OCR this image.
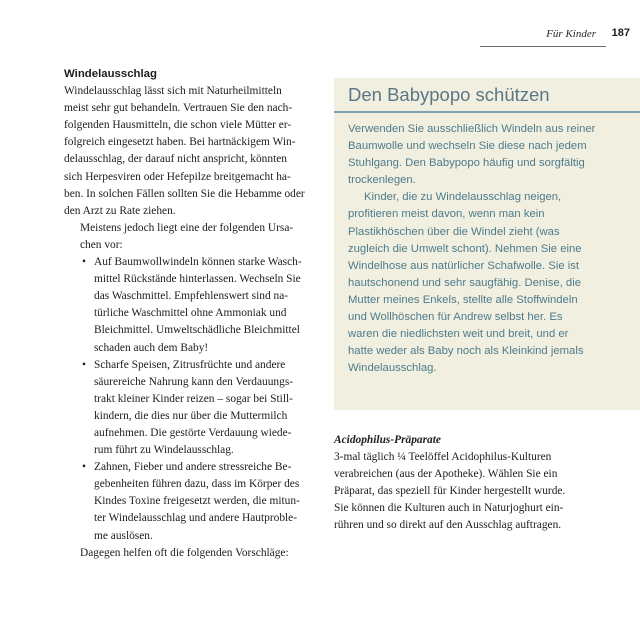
Für Kinder 187
Windelausschlag
Windelausschlag lässt sich mit Naturheilmitteln
meist sehr gut behandeln. Vertrauen Sie den nach-
folgenden Hausmitteln, die schon viele Mütter er-
folgreich eingesetzt haben. Bei hartnäckigem Win-
delausschlag, der darauf nicht anspricht, könnten
sich Herpesviren oder Hefepilze breitgemacht ha-
ben. In solchen Fällen sollten Sie die Hebamme oder
den Arzt zu Rate ziehen.
Meistens jedoch liegt eine der folgenden Ursa-
chen vor:
• Auf Baumwollwindeln können starke Wasch-
mittel Rückstände hinterlassen. Wechseln Sie
das Waschmittel. Empfehlenswert sind na-
türliche Waschmittel ohne Ammoniak und
Bleichmittel. Umweltschädliche Bleichmittel
schaden auch dem Baby!
• Scharfe Speisen, Zitrusfrüchte und andere
säurereiche Nahrung kann den Verdauungs-
trakt kleiner Kinder reizen – sogar bei Still-
kindern, die dies nur über die Muttermilch
aufnehmen. Die gestörte Verdauung wiede-
rum führt zu Windelausschlag.
• Zahnen, Fieber und andere stressreiche Be-
gebenheiten führen dazu, dass im Körper des
Kindes Toxine freigesetzt werden, die mitun-
ter Windelausschlag und andere Hautproble-
me auslösen.
Dagegen helfen oft die folgenden Vorschläge:
Den Babypopo schützen

Verwenden Sie ausschließlich Windeln aus reiner
Baumwolle und wechseln Sie diese nach jedem
Stuhlgang. Den Babypopo häufig und sorgfältig
trockenlegen.

Kinder, die zu Windelausschlag neigen,
profitieren meist davon, wenn man kein
Plastikhöschen über die Windel zieht (was
zugleich die Umwelt schont). Nehmen Sie eine
Windelhose aus natürlicher Schafwolle. Sie ist
hautschonend und sehr saugfähig. Denise, die
Mutter meines Enkels, stellte alle Stoffwindeln
und Wollhöschen für Andrew selbst her. Es
waren die niedlichsten weit und breit, und er
hatte weder als Baby noch als Kleinkind jemals
Windelausschlag.

Acidophilus-Präparate
3-mal täglich ¼ Teelöffel Acidophilus-Kulturen
verabreichen (aus der Apotheke). Wählen Sie ein
Präparat, das speziell für Kinder hergestellt wurde.
Sie können die Kulturen auch in Naturjoghurt ein-
rühren und so direkt auf den Ausschlag auftragen.
